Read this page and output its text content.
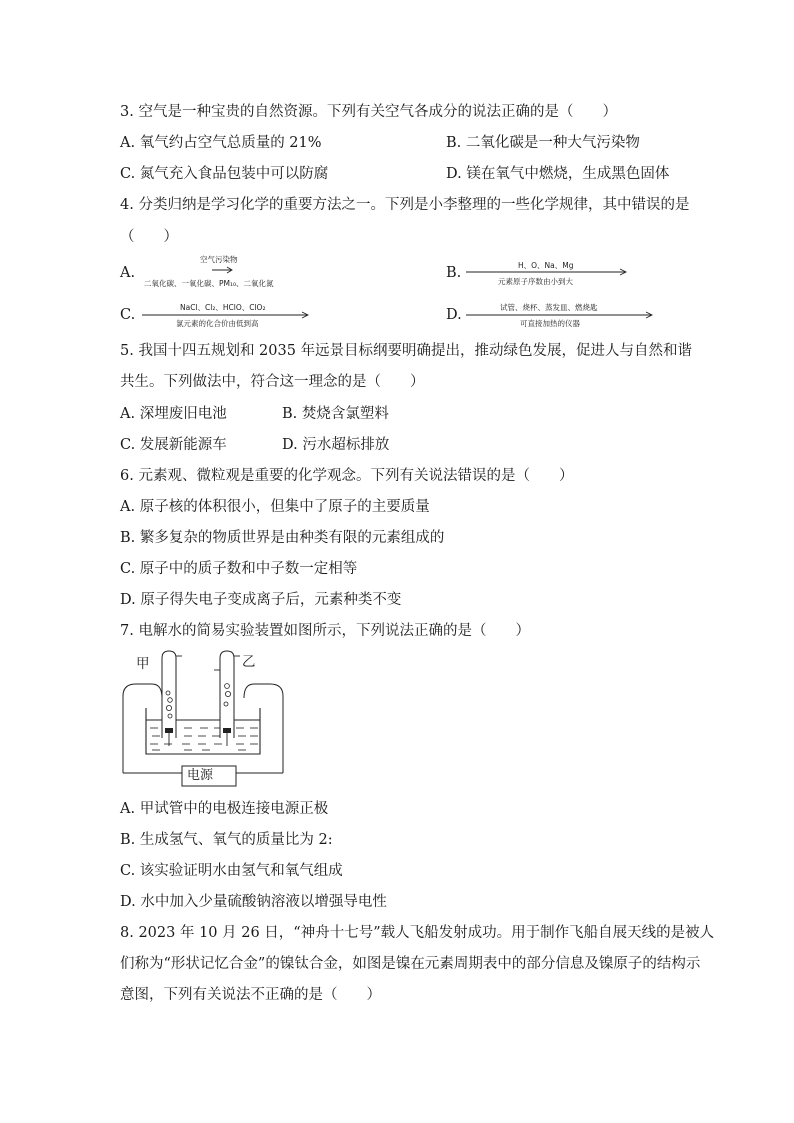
3. 空气是一种宝贵的自然资源。下列有关空气各成分的说法正确的是（　　）
A. 氧气约占空气总质量的 21%	B. 二氧化碳是一种大气污染物
C. 氮气充入食品包装中可以防腐	D. 镁在氧气中燃烧，生成黑色固体
4. 分类归纳是学习化学的重要方法之一。下列是小李整理的一些化学规律，其中错误的是
（　　）
A.
空气污染物
二氧化碳、一氧化碳、PM₁₀、二氧化氮
B.	H、O、Na、Mg
元素原子序数由小到大
C.	NaCl、Cl₂、HClO、ClO₂
氯元素的化合价由低到高
D.	试管、烧杯、蒸发皿、燃烧匙
可直接加热的仪器
5. 我国十四五规划和 2035 年远景目标纲要明确提出，推动绿色发展，促进人与自然和谐
共生。下列做法中，符合这一理念的是（　　）
A. 深埋废旧电池	B. 焚烧含氯塑料
C. 发展新能源车	D. 污水超标排放
6. 元素观、微粒观是重要的化学观念。下列有关说法错误的是（　　）
A. 原子核的体积很小，但集中了原子的主要质量
B. 繁多复杂的物质世界是由种类有限的元素组成的
C. 原子中的质子数和中子数一定相等
D. 原子得失电子变成离子后，元素种类不变
7. 电解水的简易实验装置如图所示，下列说法正确的是（　　）
甲	乙
电源
A. 甲试管中的电极连接电源正极
B. 生成氢气、氧气的质量比为 2:
C. 该实验证明水由氢气和氧气组成
D. 水中加入少量硫酸钠溶液以增强导电性
8. 2023 年 10 月 26 日，“神舟十七号”载人飞船发射成功。用于制作飞船自展天线的是被人
们称为“形状记忆合金”的镍钛合金，如图是镍在元素周期表中的部分信息及镍原子的结构示
意图，下列有关说法不正确的是（　　）
